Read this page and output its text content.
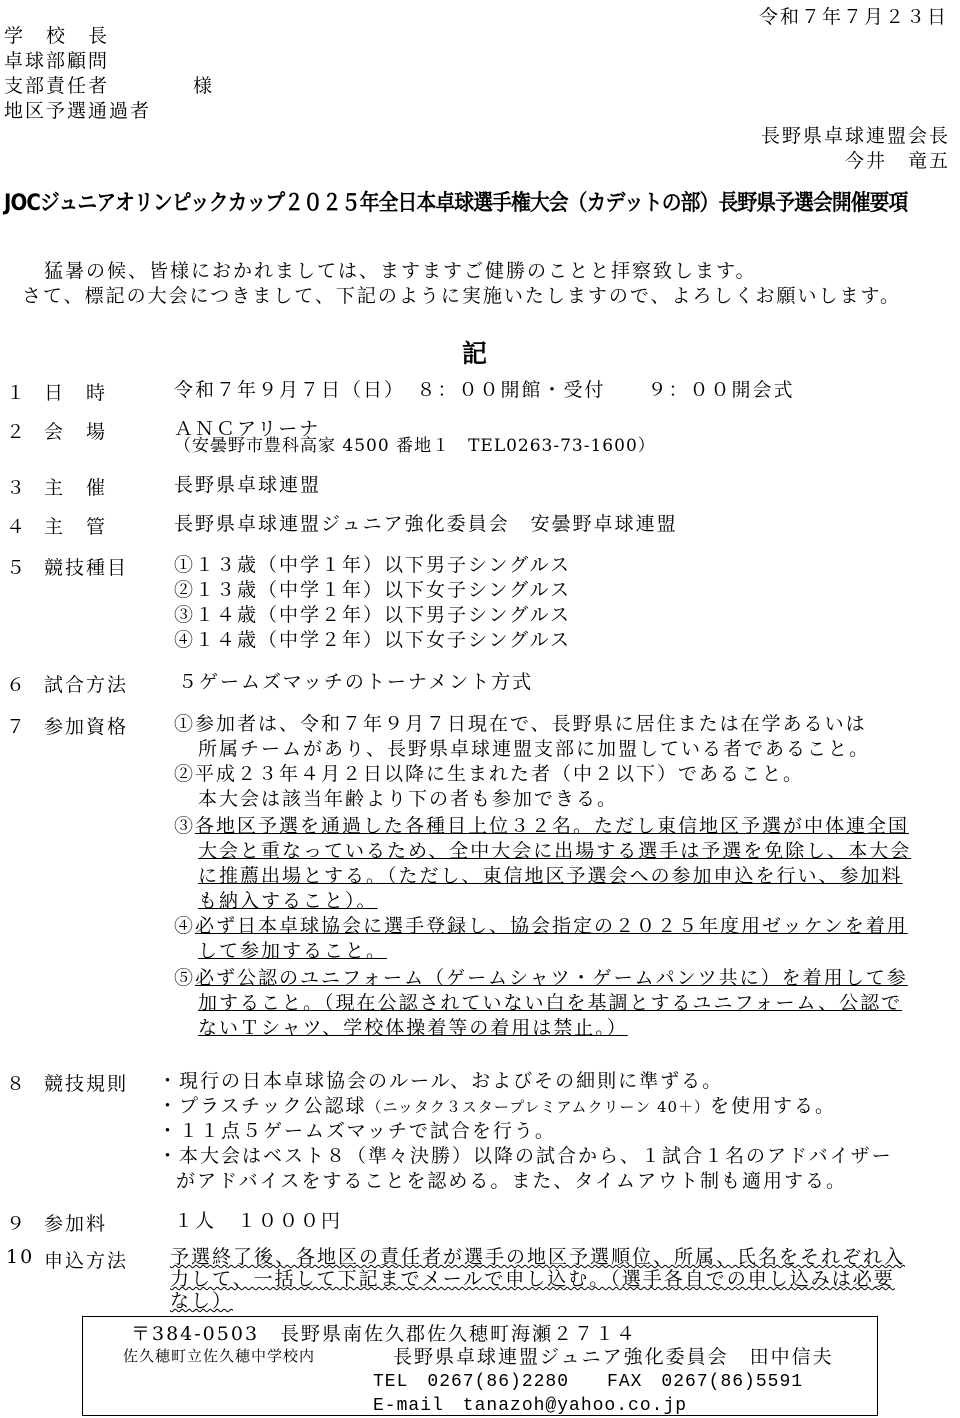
令和７年７月２３日
学　校　長
卓球部顧問
支部責任者　　　　様
地区予選通過者
長野県卓球連盟会長
今井　竜五
JOCジュニアオリンピックカップ２０２５年全日本卓球選手権大会（カデットの部）長野県予選会開催要項
猛暑の候、皆様におかれましては、ますますご健勝のことと拝察致します。
さて、標記の大会につきまして、下記のように実施いたしますので、よろしくお願いします。
記
１ 日　時	令和７年９月７日（日）　８：００開館・受付　　９：００開会式
２ 会　場	ＡＮＣアリーナ
（安曇野市豊科高家 4500 番地１　TEL0263-73-1600）
３ 主　催	長野県卓球連盟
４ 主　管	長野県卓球連盟ジュニア強化委員会　安曇野卓球連盟
５ 競技種目 ①１３歳（中学１年）以下男子シングルス
②１３歳（中学１年）以下女子シングルス
③１４歳（中学２年）以下男子シングルス
④１４歳（中学２年）以下女子シングルス
６ 試合方法	５ゲームズマッチのトーナメント方式
７ 参加資格 ①参加者は、令和７年９月７日現在で、長野県に居住または在学あるいは
所属チームがあり、長野県卓球連盟支部に加盟している者であること。
②平成２３年４月２日以降に生まれた者（中２以下）であること。
本大会は該当年齢より下の者も参加できる。
③各地区予選を通過した各種目上位３２名。ただし東信地区予選が中体連全国
大会と重なっているため、全中大会に出場する選手は予選を免除し、本大会
に推薦出場とする。（ただし、東信地区予選会への参加申込を行い、参加料
も納入すること）。
④必ず日本卓球協会に選手登録し、協会指定の２０２５年度用ゼッケンを着用
して参加すること。
⑤必ず公認のユニフォーム（ゲームシャツ・ゲームパンツ共に）を着用して参
加すること。（現在公認されていない白を基調とするユニフォーム、公認で
ないＴシャツ、学校体操着等の着用は禁止。）
８ 競技規則 ・現行の日本卓球協会のルール、およびその細則に準ずる。
・プラスチック公認球（ニッタク３スタープレミアムクリーン 40＋）を使用する。
・１１点５ゲームズマッチで試合を行う。
・本大会はベスト８（準々決勝）以降の試合から、１試合１名のアドバイザー
がアドバイスをすることを認める。また、タイムアウト制も適用する。
９ 参加料	１人　１０００円
10 申込方法 予選終了後、各地区の責任者が選手の地区予選順位、所属、氏名をそれぞれ入
力して、一括して下記までメールで申し込む。（選手各自での申し込みは必要
なし）
〒384-0503　長野県南佐久郡佐久穂町海瀬２７１４
佐久穂町立佐久穂中学校内	長野県卓球連盟ジュニア強化委員会　田中信夫
TEL　0267(86)2280　　FAX　0267(86)5591
E-mail　tanazoh@yahoo.co.jp
